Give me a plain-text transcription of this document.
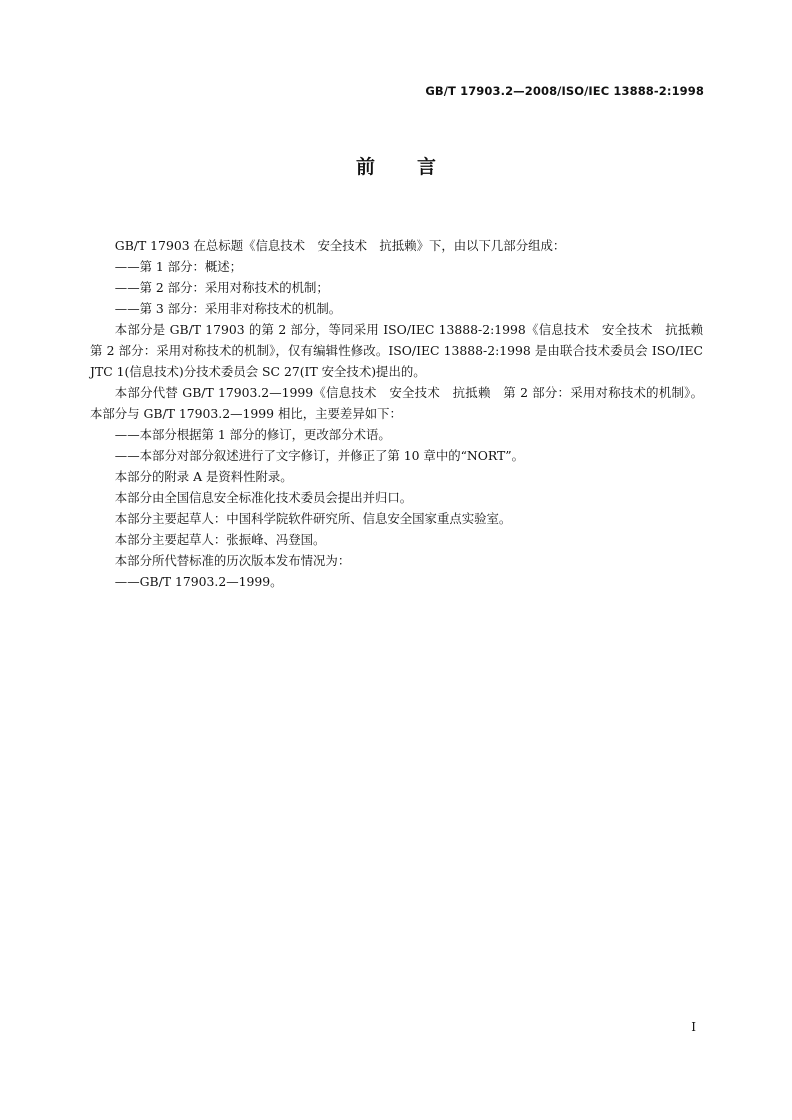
GB/T 17903.2—2008/ISO/IEC 13888-2:1998
前 言

GB/T 17903 在总标题《信息技术　安全技术　抗抵赖》下，由以下几部分组成：

——第 1 部分：概述；

——第 2 部分：采用对称技术的机制；

——第 3 部分：采用非对称技术的机制。

本部分是 GB/T 17903 的第 2 部分，等同采用 ISO/IEC 13888-2:1998《信息技术　安全技术　抗抵赖　第 2 部分：采用对称技术的机制》，仅有编辑性修改。ISO/IEC 13888-2:1998 是由联合技术委员会 ISO/IEC JTC 1(信息技术)分技术委员会 SC 27(IT 安全技术)提出的。

本部分代替 GB/T 17903.2—1999《信息技术　安全技术　抗抵赖　第 2 部分：采用对称技术的机制》。本部分与 GB/T 17903.2—1999 相比，主要差异如下：

——本部分根据第 1 部分的修订，更改部分术语。

——本部分对部分叙述进行了文字修订，并修正了第 10 章中的“NORT”。

本部分的附录 A 是资料性附录。

本部分由全国信息安全标准化技术委员会提出并归口。

本部分主要起草人：中国科学院软件研究所、信息安全国家重点实验室。

本部分主要起草人：张振峰、冯登国。

本部分所代替标准的历次版本发布情况为：

——GB/T 17903.2—1999。

I
